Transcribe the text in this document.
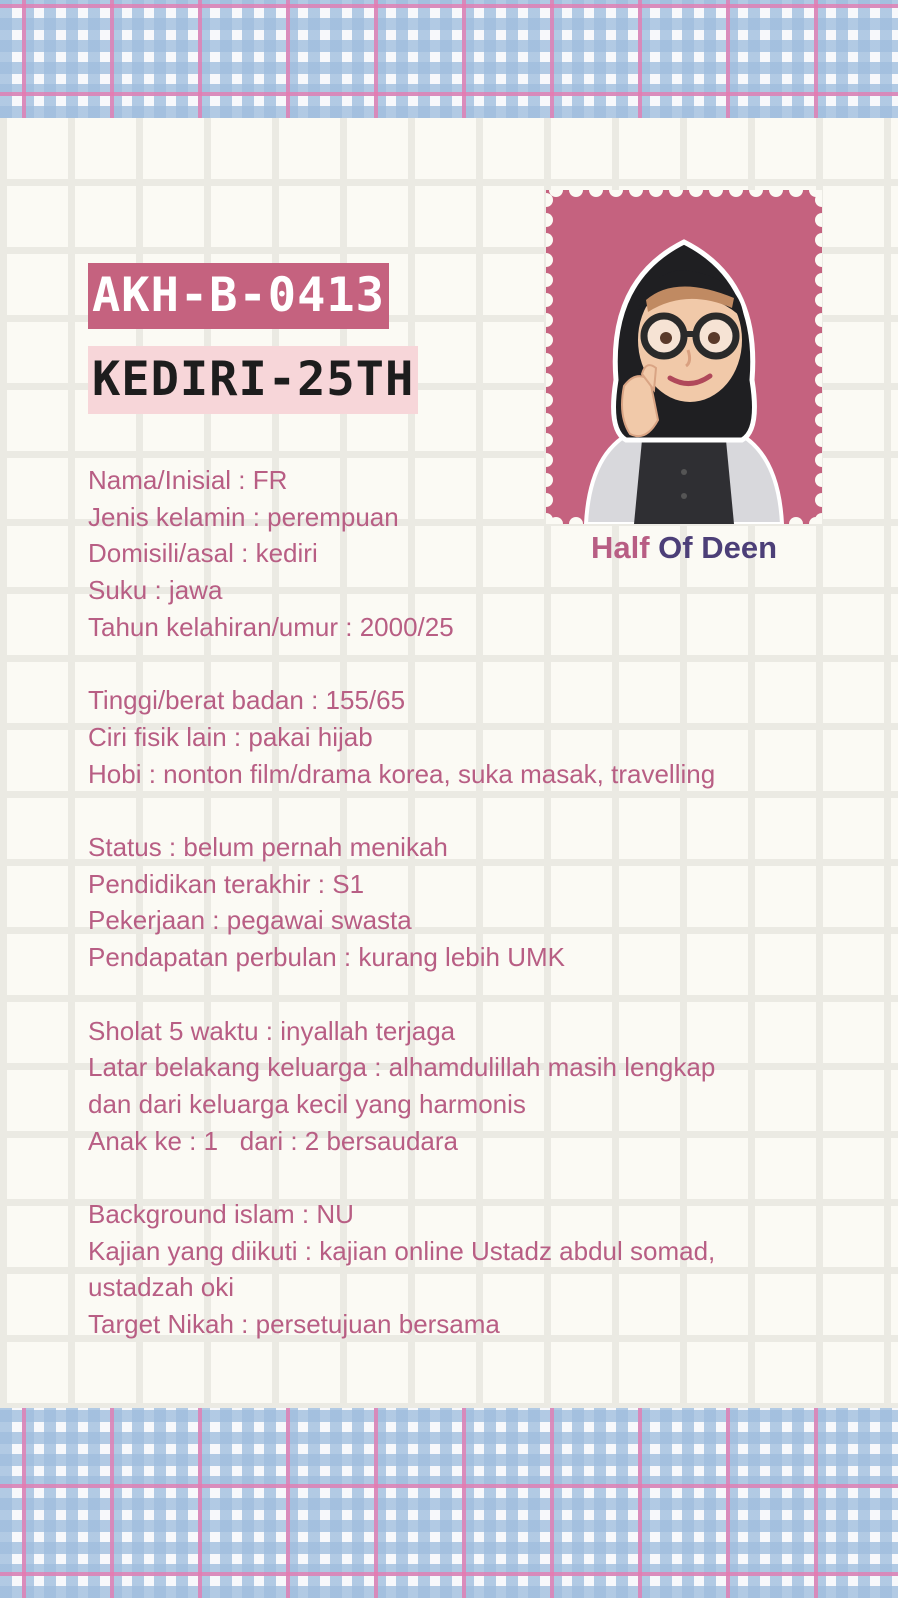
AKH-B-0413
KEDIRI-25TH
Half Of Deen
Nama/Inisial : FR
Jenis kelamin : perempuan
Domisili/asal : kediri
Suku : jawa
Tahun kelahiran/umur : 2000/25
Tinggi/berat badan : 155/65
Ciri fisik lain : pakai hijab
Hobi : nonton film/drama korea, suka masak, travelling
Status : belum pernah menikah
Pendidikan terakhir : S1
Pekerjaan : pegawai swasta
Pendapatan perbulan : kurang lebih UMK
Sholat 5 waktu : inyallah terjaga
Latar belakang keluarga : alhamdulillah masih lengkap
dan dari keluarga kecil yang harmonis
Anak ke : 1   dari : 2 bersaudara
Background islam : NU
Kajian yang diikuti : kajian online Ustadz abdul somad,
ustadzah oki
Target Nikah : persetujuan bersama
